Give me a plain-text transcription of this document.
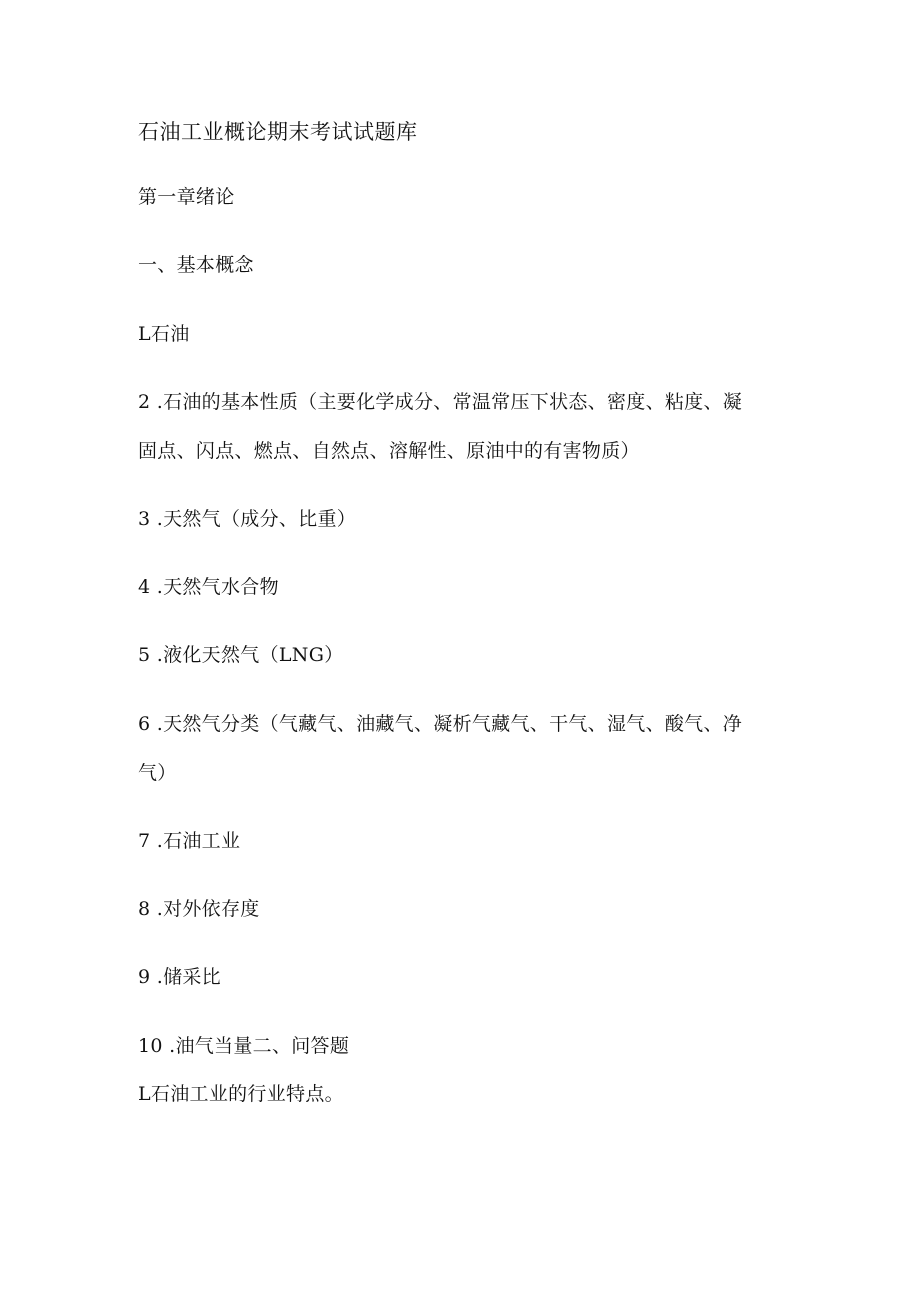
石油工业概论期末考试试题库
第一章绪论
一、基本概念
L石油
2 .石油的基本性质（主要化学成分、常温常压下状态、密度、粘度、凝
固点、闪点、燃点、自然点、溶解性、原油中的有害物质）
3 .天然气（成分、比重）
4 .天然气水合物
5 .液化天然气（LNG）
6 .天然气分类（气藏气、油藏气、凝析气藏气、干气、湿气、酸气、净
气）
7 .石油工业
8 .对外依存度
9 .储采比
10 .油气当量二、问答题
L石油工业的行业特点。
